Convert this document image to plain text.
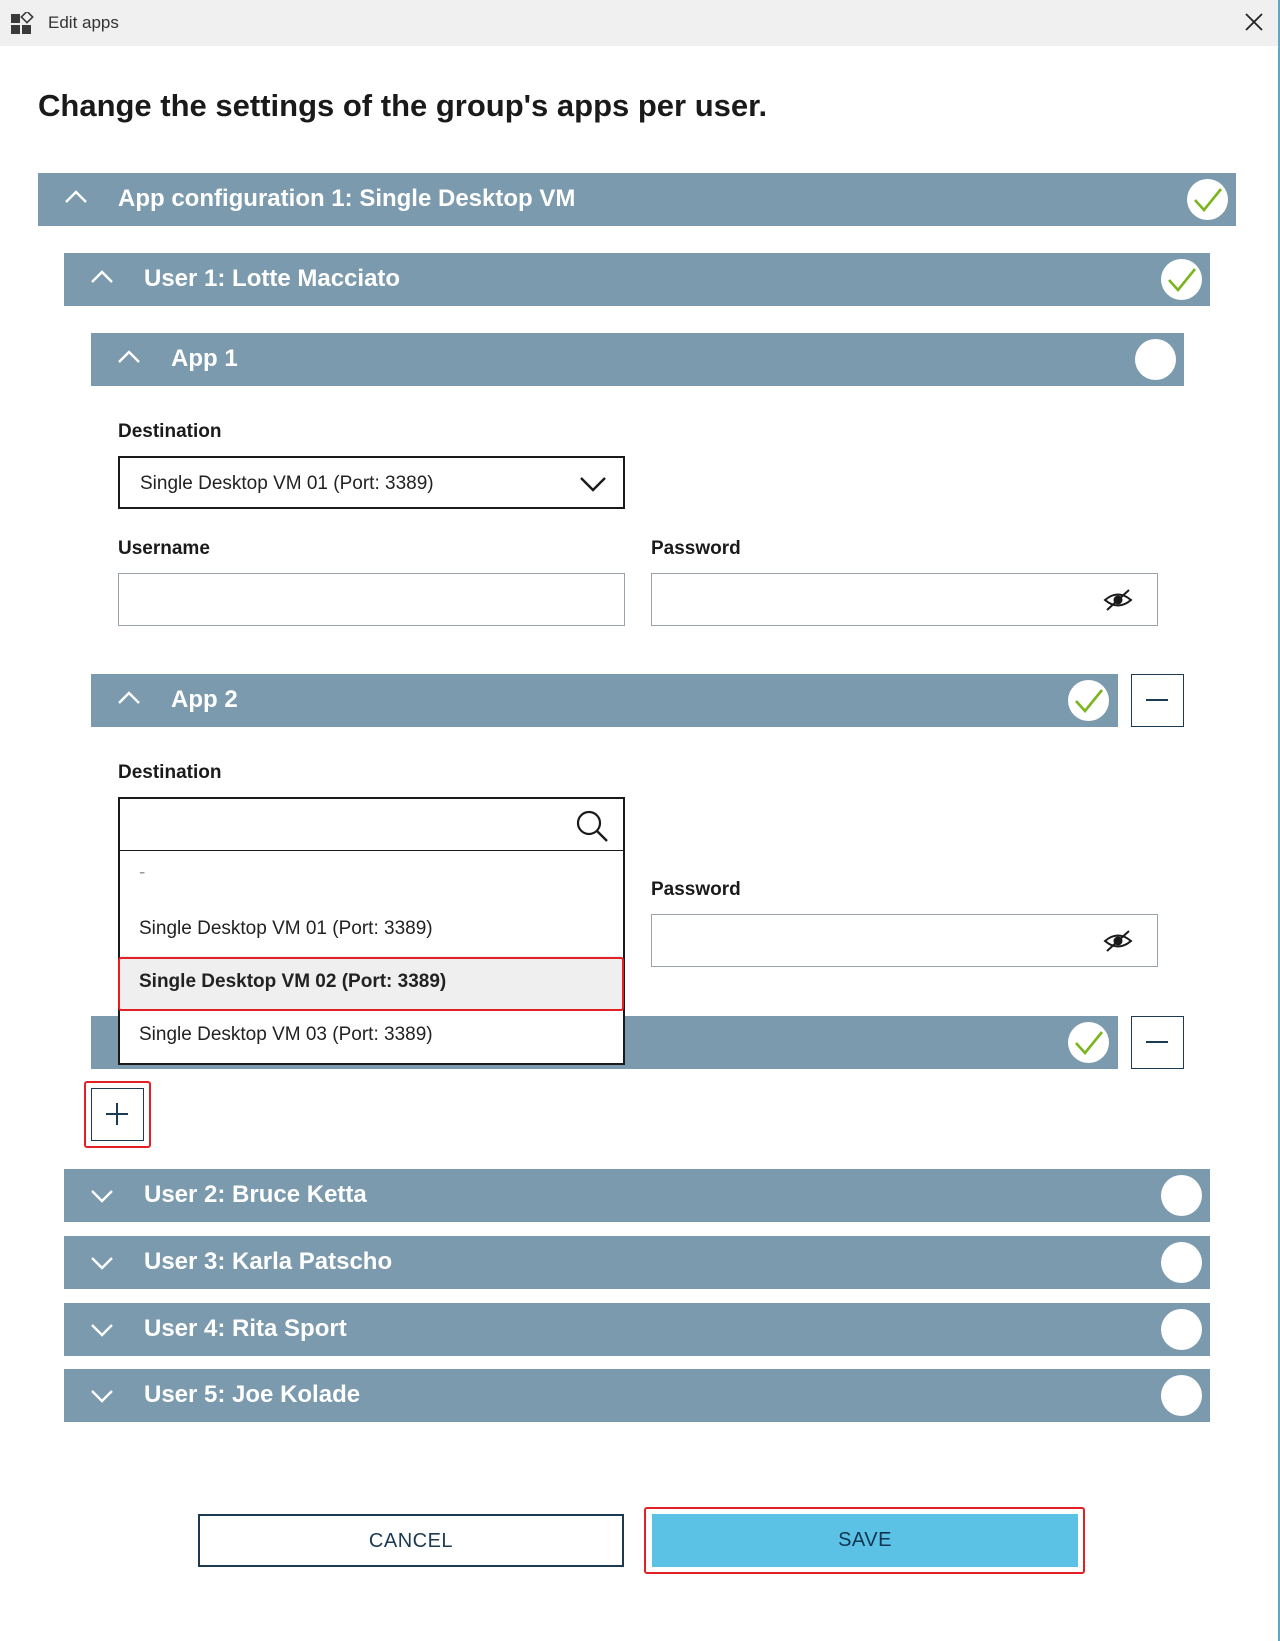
Edit apps
Change the settings of the group's apps per user.
App configuration 1: Single Desktop VM
User 1: Lotte Macciato
App 1
Destination
Single Desktop VM 01 (Port: 3389)
Username	Password
App 2
Destination
Password
-
Single Desktop VM 01 (Port: 3389)
Single Desktop VM 02 (Port: 3389)
Single Desktop VM 03 (Port: 3389)
User 2: Bruce Ketta
User 3: Karla Patscho
User 4: Rita Sport
User 5: Joe Kolade
CANCEL	SAVE
